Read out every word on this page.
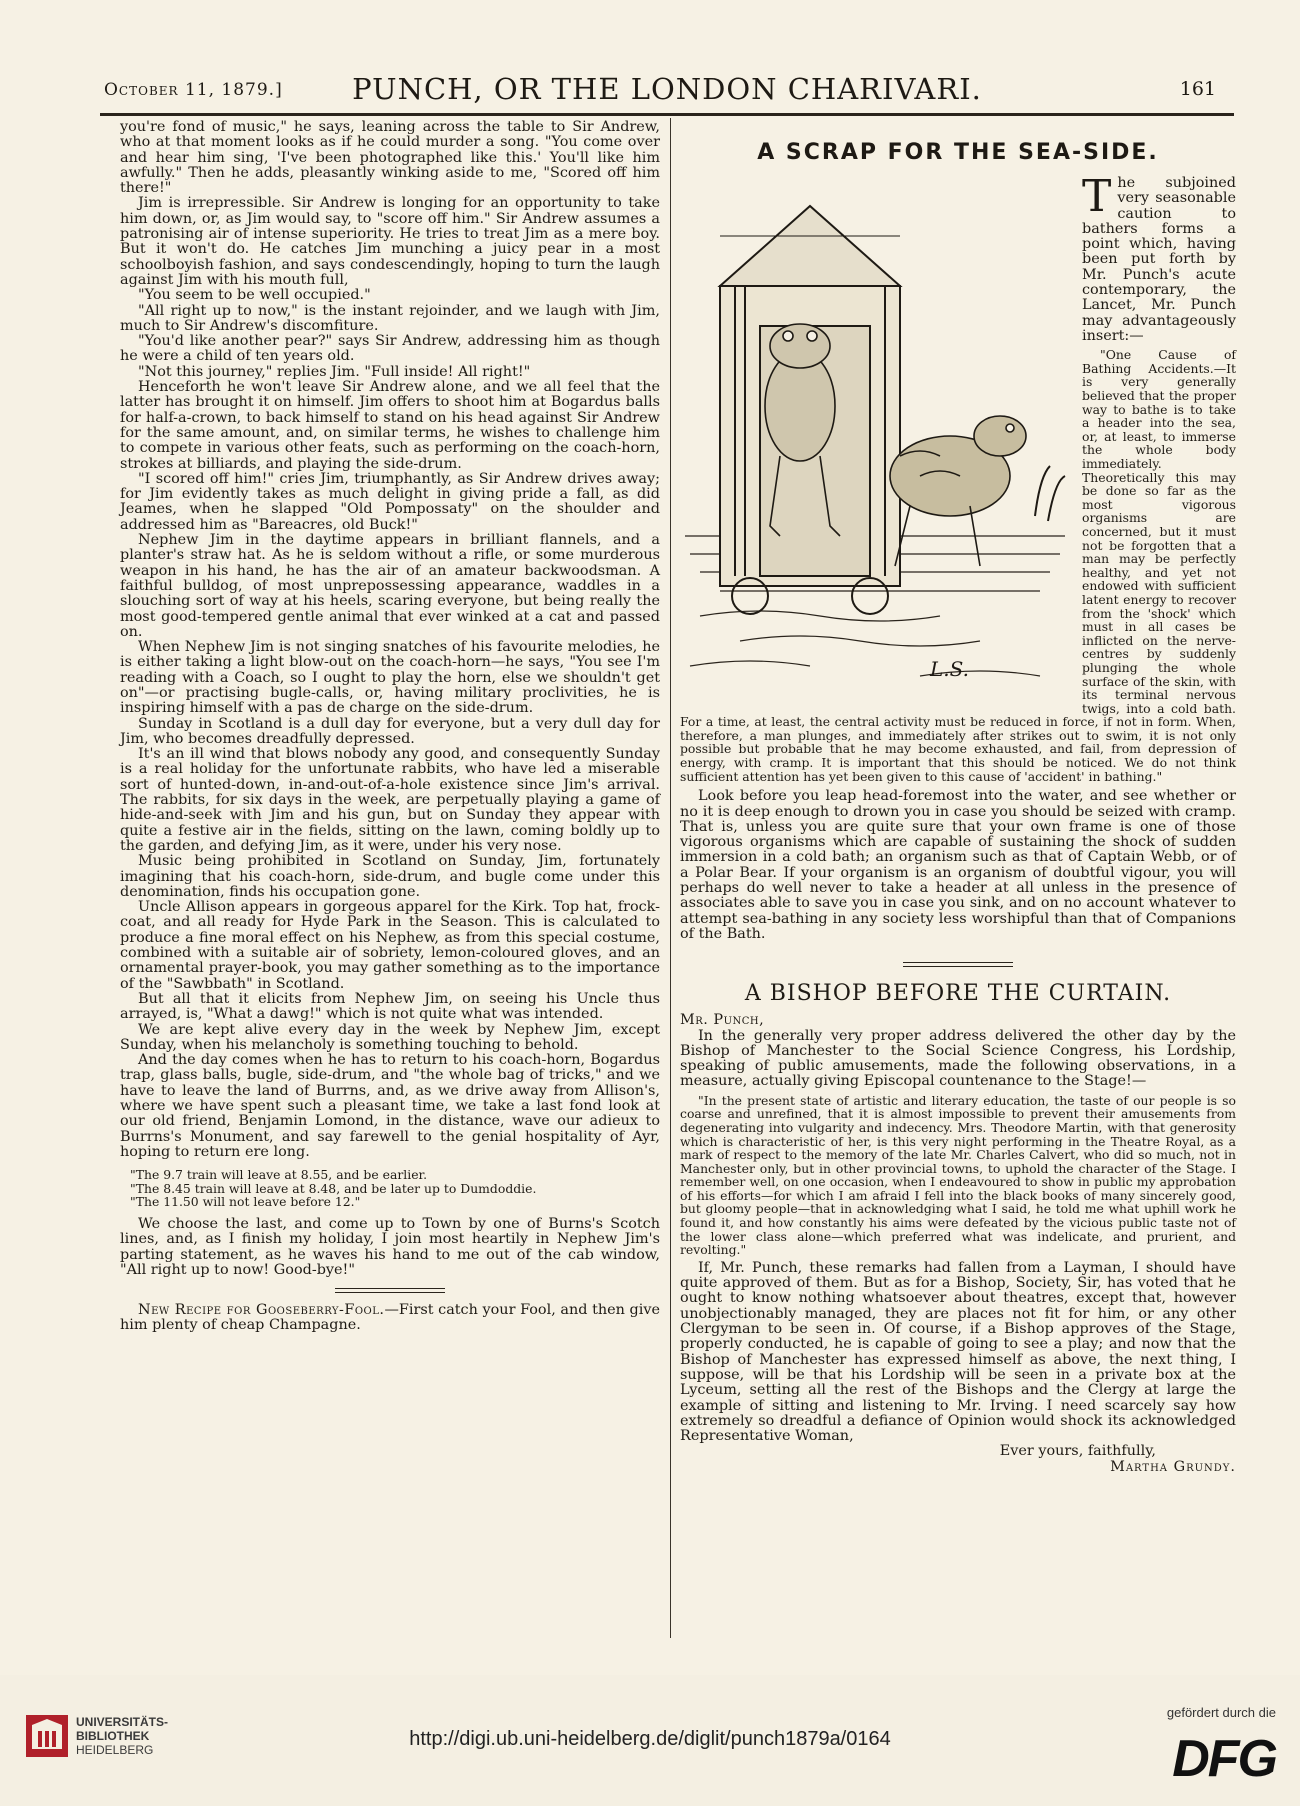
October 11, 1879.]	PUNCH, OR THE LONDON CHARIVARI.	161

you're fond of music," he says, leaning across the table to Sir Andrew, who at that moment looks as if he could murder a song. "You come over and hear him sing, 'I've been photographed like this.' You'll like him awfully." Then he adds, pleasantly winking aside to me, "Scored off him there!"

Jim is irrepressible. Sir Andrew is longing for an opportunity to take him down, or, as Jim would say, to "score off him." Sir Andrew assumes a patronising air of intense superiority. He tries to treat Jim as a mere boy. But it won't do. He catches Jim munching a juicy pear in a most schoolboyish fashion, and says condescendingly, hoping to turn the laugh against Jim with his mouth full,

"You seem to be well occupied."

"All right up to now," is the instant rejoinder, and we laugh with Jim, much to Sir Andrew's discomfiture.

"You'd like another pear?" says Sir Andrew, addressing him as though he were a child of ten years old.

"Not this journey," replies Jim. "Full inside! All right!"

Henceforth he won't leave Sir Andrew alone, and we all feel that the latter has brought it on himself. Jim offers to shoot him at Bogardus balls for half-a-crown, to back himself to stand on his head against Sir Andrew for the same amount, and, on similar terms, he wishes to challenge him to compete in various other feats, such as performing on the coach-horn, strokes at billiards, and playing the side-drum.

"I scored off him!" cries Jim, triumphantly, as Sir Andrew drives away; for Jim evidently takes as much delight in giving pride a fall, as did Jeames, when he slapped "Old Pompossaty" on the shoulder and addressed him as "Bareacres, old Buck!"

Nephew Jim in the daytime appears in brilliant flannels, and a planter's straw hat. As he is seldom without a rifle, or some murderous weapon in his hand, he has the air of an amateur backwoodsman. A faithful bulldog, of most unprepossessing appearance, waddles in a slouching sort of way at his heels, scaring everyone, but being really the most good-tempered gentle animal that ever winked at a cat and passed on.

When Nephew Jim is not singing snatches of his favourite melodies, he is either taking a light blow-out on the coach-horn—he says, "You see I'm reading with a Coach, so I ought to play the horn, else we shouldn't get on"—or practising bugle-calls, or, having military proclivities, he is inspiring himself with a pas de charge on the side-drum.

Sunday in Scotland is a dull day for everyone, but a very dull day for Jim, who becomes dreadfully depressed.

It's an ill wind that blows nobody any good, and consequently Sunday is a real holiday for the unfortunate rabbits, who have led a miserable sort of hunted-down, in-and-out-of-a-hole existence since Jim's arrival. The rabbits, for six days in the week, are perpetually playing a game of hide-and-seek with Jim and his gun, but on Sunday they appear with quite a festive air in the fields, sitting on the lawn, coming boldly up to the garden, and defying Jim, as it were, under his very nose.

Music being prohibited in Scotland on Sunday, Jim, fortunately imagining that his coach-horn, side-drum, and bugle come under this denomination, finds his occupation gone.

Uncle Allison appears in gorgeous apparel for the Kirk. Top hat, frock-coat, and all ready for Hyde Park in the Season. This is calculated to produce a fine moral effect on his Nephew, as from this special costume, combined with a suitable air of sobriety, lemon-coloured gloves, and an ornamental prayer-book, you may gather something as to the importance of the "Sawbbath" in Scotland.

But all that it elicits from Nephew Jim, on seeing his Uncle thus arrayed, is, "What a dawg!" which is not quite what was intended.

We are kept alive every day in the week by Nephew Jim, except Sunday, when his melancholy is something touching to behold.

And the day comes when he has to return to his coach-horn, Bogardus trap, glass balls, bugle, side-drum, and "the whole bag of tricks," and we have to leave the land of Burrns, and, as we drive away from Allison's, where we have spent such a pleasant time, we take a last fond look at our old friend, Benjamin Lomond, in the distance, wave our adieux to Burrns's Monument, and say farewell to the genial hospitality of Ayr, hoping to return ere long.

"The 9.7 train will leave at 8.55, and be earlier.

"The 8.45 train will leave at 8.48, and be later up to Dumdoddie.

"The 11.50 will not leave before 12."

We choose the last, and come up to Town by one of Burns's Scotch lines, and, as I finish my holiday, I join most heartily in Nephew Jim's parting statement, as he waves his hand to me out of the cab window, "All right up to now! Good-bye!"

New Recipe for Gooseberry-Fool.—First catch your Fool, and then give him plenty of cheap Champagne.

A SCRAP FOR THE SEA-SIDE.
L.S.

The subjoined very seasonable caution to bathers forms a point which, having been put forth by Mr. Punch's acute contemporary, the Lancet, Mr. Punch may advantageously insert:—

"One Cause of Bathing Accidents.—It is very generally believed that the proper way to bathe is to take a header into the sea, or, at least, to immerse the whole body immediately. Theoretically this may be done so far as the most vigorous organisms are concerned, but it must not be forgotten that a man may be perfectly healthy, and yet not endowed with sufficient latent energy to recover from the 'shock' which must in all cases be inflicted on the nerve-centres by suddenly plunging the whole surface of the skin, with its terminal nervous twigs, into a cold bath. For a time, at least, the central activity must be reduced in force, if not in form. When, therefore, a man plunges, and immediately after strikes out to swim, it is not only possible but probable that he may become exhausted, and fail, from depression of energy, with cramp. It is important that this should be noticed. We do not think sufficient attention has yet been given to this cause of 'accident' in bathing."

Look before you leap head-foremost into the water, and see whether or no it is deep enough to drown you in case you should be seized with cramp. That is, unless you are quite sure that your own frame is one of those vigorous organisms which are capable of sustaining the shock of sudden immersion in a cold bath; an organism such as that of Captain Webb, or of a Polar Bear. If your organism is an organism of doubtful vigour, you will perhaps do well never to take a header at all unless in the presence of associates able to save you in case you sink, and on no account whatever to attempt sea-bathing in any society less worshipful than that of Companions of the Bath.

A BISHOP BEFORE THE CURTAIN.

Mr. Punch,

In the generally very proper address delivered the other day by the Bishop of Manchester to the Social Science Congress, his Lordship, speaking of public amusements, made the following observations, in a measure, actually giving Episcopal countenance to the Stage!—

"In the present state of artistic and literary education, the taste of our people is so coarse and unrefined, that it is almost impossible to prevent their amusements from degenerating into vulgarity and indecency. Mrs. Theodore Martin, with that generosity which is characteristic of her, is this very night performing in the Theatre Royal, as a mark of respect to the memory of the late Mr. Charles Calvert, who did so much, not in Manchester only, but in other provincial towns, to uphold the character of the Stage. I remember well, on one occasion, when I endeavoured to show in public my approbation of his efforts—for which I am afraid I fell into the black books of many sincerely good, but gloomy people—that in acknowledging what I said, he told me what uphill work he found it, and how constantly his aims were defeated by the vicious public taste not of the lower class alone—which preferred what was indelicate, and prurient, and revolting."

If, Mr. Punch, these remarks had fallen from a Layman, I should have quite approved of them. But as for a Bishop, Society, Sir, has voted that he ought to know nothing whatsoever about theatres, except that, however unobjectionably managed, they are places not fit for him, or any other Clergyman to be seen in. Of course, if a Bishop approves of the Stage, properly conducted, he is capable of going to see a play; and now that the Bishop of Manchester has expressed himself as above, the next thing, I suppose, will be that his Lordship will be seen in a private box at the Lyceum, setting all the rest of the Bishops and the Clergy at large the example of sitting and listening to Mr. Irving. I need scarcely say how extremely so dreadful a defiance of Opinion would shock its acknowledged Representative Woman,

Ever yours, faithfully,

Martha Grundy.

UNIVERSITÄTS-
BIBLIOTHEK
HEIDELBERG	http://digi.ub.uni-heidelberg.de/diglit/punch1879a/0164
gefördert durch die
DFG
